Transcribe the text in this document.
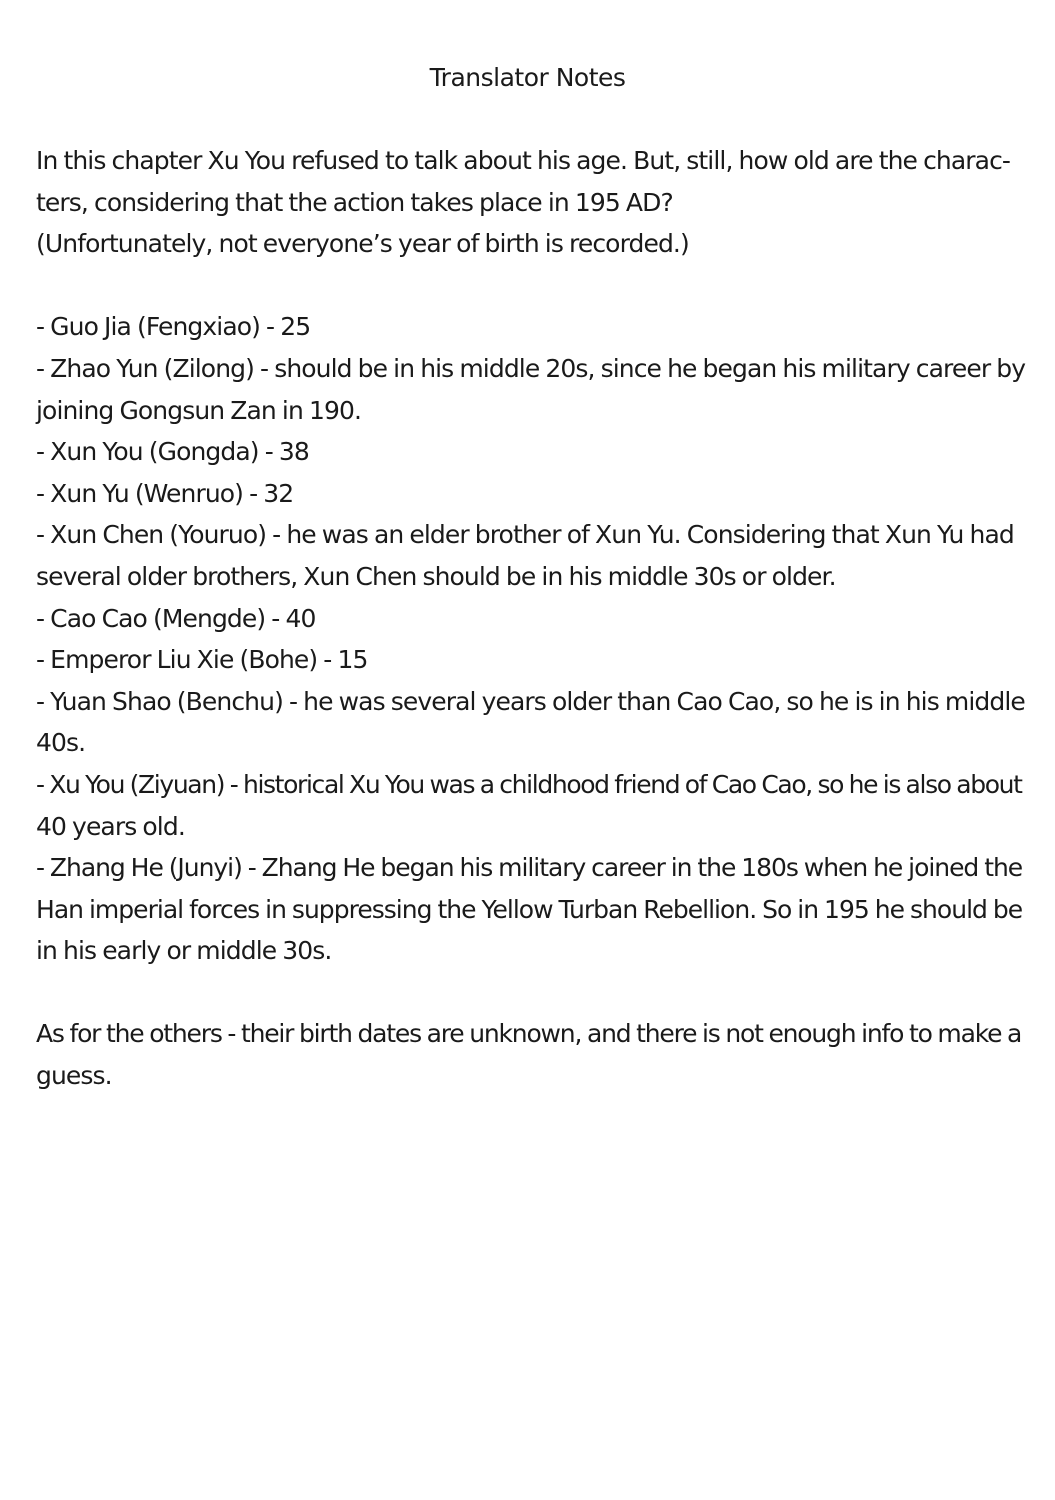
Translator Notes
In this chapter Xu You refused to talk about his age. But, still, how old are the charac-
ters, considering that the action takes place in 195 AD?
(Unfortunately, not everyone’s year of birth is recorded.)
- Guo Jia (Fengxiao) - 25
- Zhao Yun (Zilong) - should be in his middle 20s, since he began his military career by
joining Gongsun Zan in 190.
- Xun You (Gongda) - 38
- Xun Yu (Wenruo) - 32
- Xun Chen (Youruo) - he was an elder brother of Xun Yu. Considering that Xun Yu had
several older brothers, Xun Chen should be in his middle 30s or older.
- Cao Cao (Mengde) - 40
- Emperor Liu Xie (Bohe) - 15
- Yuan Shao (Benchu) - he was several years older than Cao Cao, so he is in his middle
40s.
- Xu You (Ziyuan) - historical Xu You was a childhood friend of Cao Cao, so he is also about
40 years old.
- Zhang He (Junyi) - Zhang He began his military career in the 180s when he joined the
Han imperial forces in suppressing the Yellow Turban Rebellion. So in 195 he should be
in his early or middle 30s.
As for the others - their birth dates are unknown, and there is not enough info to make a
guess.
